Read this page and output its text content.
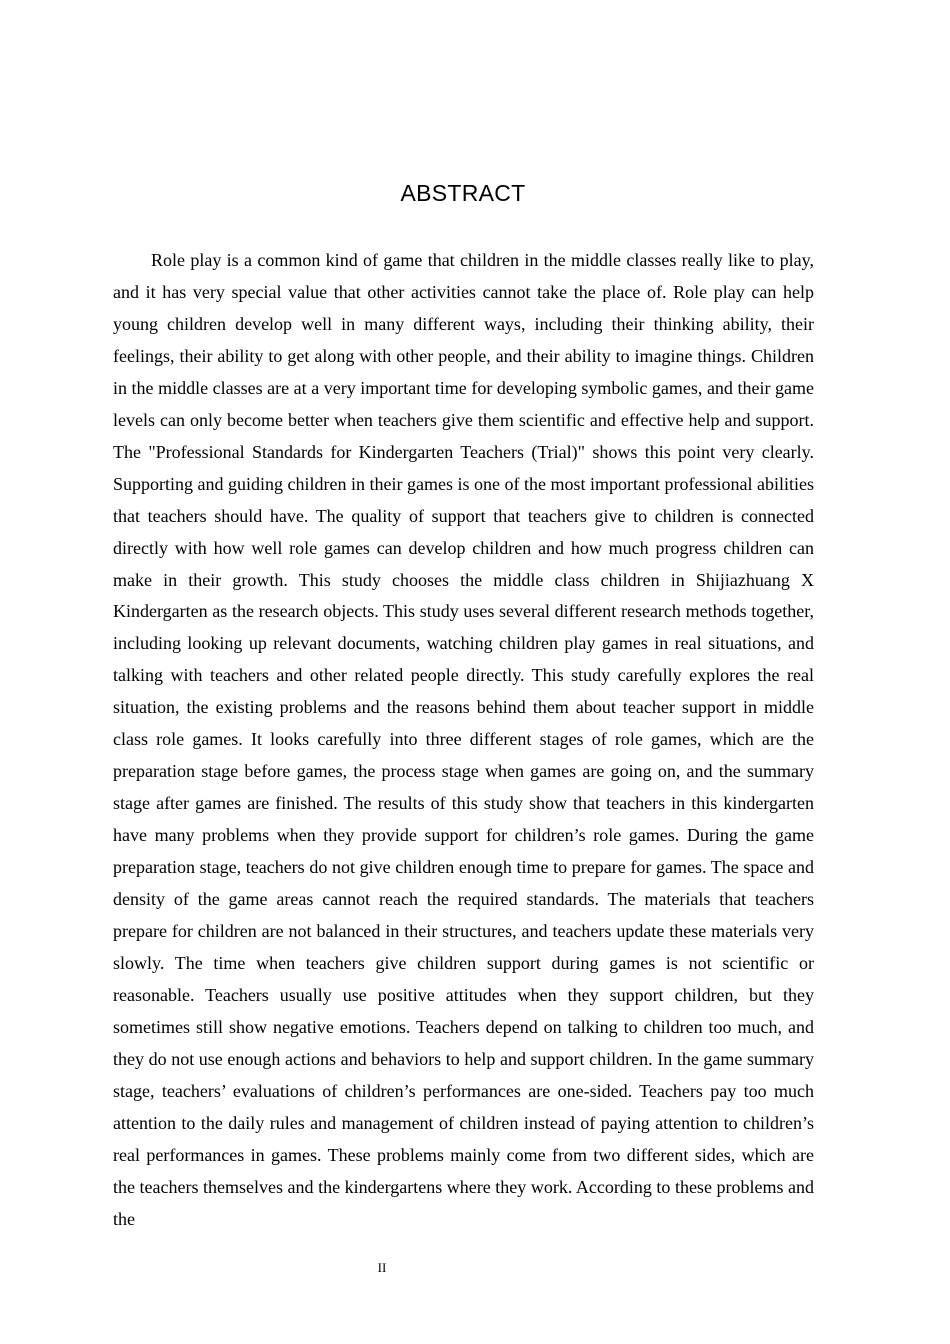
ABSTRACT

Role play is a common kind of game that children in the middle classes really like to play, and it has very special value that other activities cannot take the place of. Role play can help young children develop well in many different ways, including their thinking ability, their feelings, their ability to get along with other people, and their ability to imagine things. Children in the middle classes are at a very important time for developing symbolic games, and their game levels can only become better when teachers give them scientific and effective help and support. The "Professional Standards for Kindergarten Teachers (Trial)" shows this point very clearly. Supporting and guiding children in their games is one of the most important professional abilities that teachers should have. The quality of support that teachers give to children is connected directly with how well role games can develop children and how much progress children can make in their growth. This study chooses the middle class children in Shijiazhuang X Kindergarten as the research objects. This study uses several different research methods together, including looking up relevant documents, watching children play games in real situations, and talking with teachers and other related people directly. This study carefully explores the real situation, the existing problems and the reasons behind them about teacher support in middle class role games. It looks carefully into three different stages of role games, which are the preparation stage before games, the process stage when games are going on, and the summary stage after games are finished. The results of this study show that teachers in this kindergarten have many problems when they provide support for children’s role games. During the game preparation stage, teachers do not give children enough time to prepare for games. The space and density of the game areas cannot reach the required standards. The materials that teachers prepare for children are not balanced in their structures, and teachers update these materials very slowly. The time when teachers give children support during games is not scientific or reasonable. Teachers usually use positive attitudes when they support children, but they sometimes still show negative emotions. Teachers depend on talking to children too much, and they do not use enough actions and behaviors to help and support children. In the game summary stage, teachers’ evaluations of children’s performances are one-sided. Teachers pay too much attention to the daily rules and management of children instead of paying attention to children’s real performances in games. These problems mainly come from two different sides, which are the teachers themselves and the kindergartens where they work. According to these problems and the

II
